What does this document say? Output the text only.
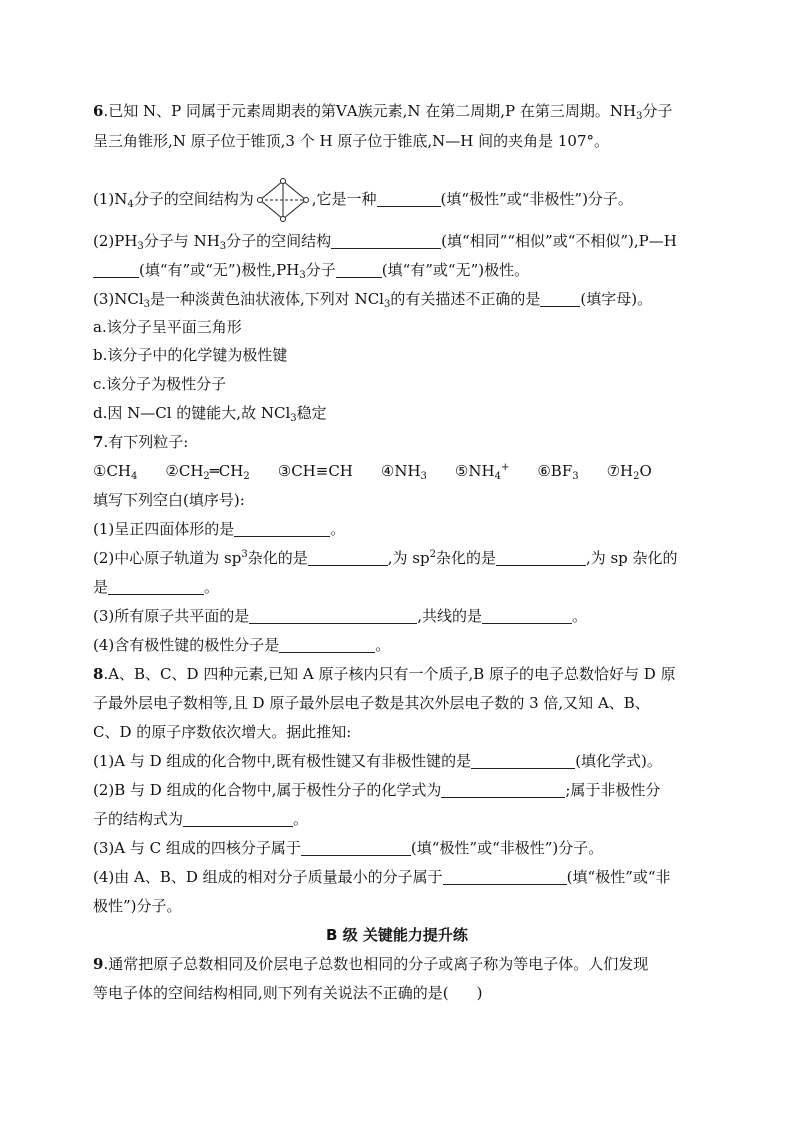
6.已知 N、P 同属于元素周期表的第ⅤA族元素,N 在第二周期,P 在第三周期。$NH_3$分子
呈三角锥形,N 原子位于锥顶,3 个 H 原子位于锥底,N—H 间的夹角是 107°。
$(1)N_4$分子的空间结构为	,它是一种	(填“极性”或“非极性”)分子。
$(2)PH_3$分子与 $NH_3$分子的空间结构	(填“相同”“相似”或“不相似”),P—H
(填“有”或“无”)极性$,PH_3$分子	(填“有”或“无”)极性。
(3)NCl$_3$是一种淡黄色油状液体,下列对 NCl$_3$的有关描述不正确的是	(填字母)。
a.该分子呈平面三角形
b.该分子中的化学键为极性键
c.该分子为极性分子
d.因 N—Cl 的键能大,故 NCl$_3$稳定
7.有下列粒子:
$①CH_4$ $②CH_2═CH_2$ ③CH≡CH $④NH_3$ $⑤NH_4^+$ $⑥BF_3$ $⑦H_2O$
填写下列空白(填序号):
(1)呈正四面体形的是	。
(2)中心原子轨道为 $sp^3$杂化的是	,为 $sp^2$杂化的是	,为 sp 杂化的
是	。
(3)所有原子共平面的是	,共线的是	。
(4)含有极性键的极性分子是	。
8.A、B、C、D 四种元素,已知 A 原子核内只有一个质子,B 原子的电子总数恰好与 D 原
子最外层电子数相等,且 D 原子最外层电子数是其次外层电子数的 3 倍,又知 A、B、
C、D 的原子序数依次增大。据此推知:
(1)A 与 D 组成的化合物中,既有极性键又有非极性键的是	(填化学式)。
(2)B 与 D 组成的化合物中,属于极性分子的化学式为	;属于非极性分
子的结构式为	。
(3)A 与 C 组成的四核分子属于	(填“极性”或“非极性”)分子。
(4)由 A、B、D 组成的相对分子质量最小的分子属于	(填“极性”或“非
极性”)分子。
B 级 关键能力提升练
9.通常把原子总数相同及价层电子总数也相同的分子或离子称为等电子体。人们发现
等电子体的空间结构相同,则下列有关说法不正确的是( )
